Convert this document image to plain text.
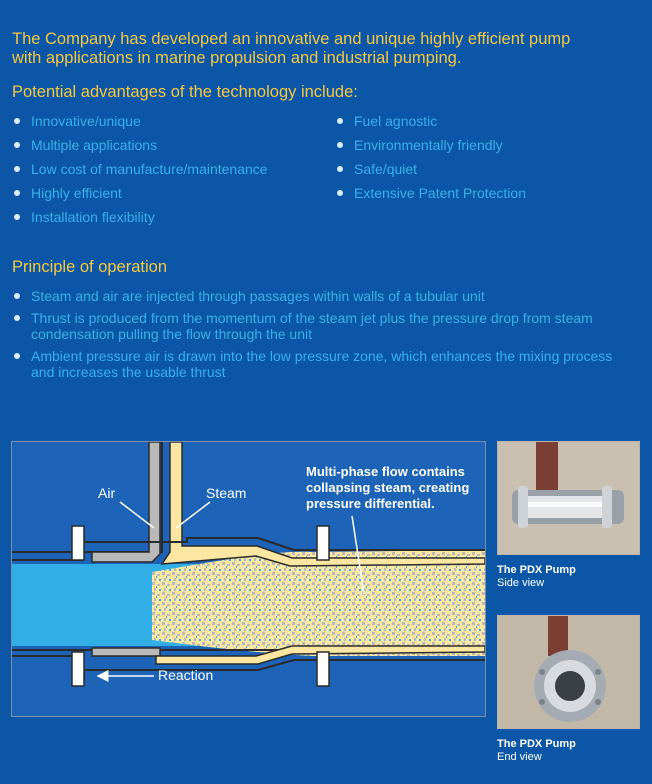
The Company has developed an innovative and unique highly efficient pump
with applications in marine propulsion and industrial pumping.
Potential advantages of the technology include:
Innovative/unique
Multiple applications
Low cost of manufacture/maintenance
Highly efficient
Installation flexibility
Fuel agnostic
Environmentally friendly
Safe/quiet
Extensive Patent Protection
Principle of operation
Steam and air are injected through passages within walls of a tubular unit
Thrust is produced from the momentum of the steam jet plus the pressure drop from steam condensation pulling the flow through the unit
Ambient pressure air is drawn into the low pressure zone, which enhances the mixing process and increases the usable thrust
Air	Steam
Multi-phase flow contains
collapsing steam, creating
pressure differential.
Reaction
The PDX Pump
Side view
The PDX Pump
End view
